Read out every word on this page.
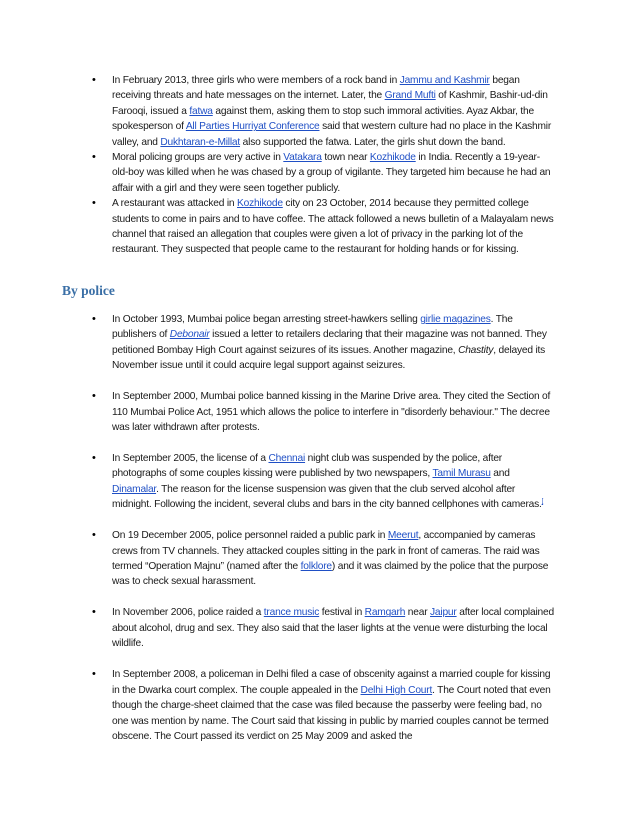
• In February 2013, three girls who were members of a rock band in Jammu and Kashmir began receiving threats and hate messages on the internet. Later, the Grand Mufti of Kashmir, Bashir-ud-din Farooqi, issued a fatwa against them, asking them to stop such immoral activities. Ayaz Akbar, the spokesperson of All Parties Hurriyat Conference said that western culture had no place in the Kashmir valley, and Dukhtaran-e-Millat also supported the fatwa. Later, the girls shut down the band.
• Moral policing groups are very active in Vatakara town near Kozhikode in India. Recently a 19-year-old-boy was killed when he was chased by a group of vigilante. They targeted him because he had an affair with a girl and they were seen together publicly.
• A restaurant was attacked in Kozhikode city on 23 October, 2014 because they permitted college students to come in pairs and to have coffee. The attack followed a news bulletin of a Malayalam news channel that raised an allegation that couples were given a lot of privacy in the parking lot of the restaurant. They suspected that people came to the restaurant for holding hands or for kissing.
By police
• In October 1993, Mumbai police began arresting street-hawkers selling girlie magazines. The publishers of Debonair issued a letter to retailers declaring that their magazine was not banned. They petitioned Bombay High Court against seizures of its issues. Another magazine, Chastity, delayed its November issue until it could acquire legal support against seizures.
• In September 2000, Mumbai police banned kissing in the Marine Drive area. They cited the Section of 110 Mumbai Police Act, 1951 which allows the police to interfere in "disorderly behaviour." The decree was later withdrawn after protests.
• In September 2005, the license of a Chennai night club was suspended by the police, after photographs of some couples kissing were published by two newspapers, Tamil Murasu and Dinamalar. The reason for the license suspension was given that the club served alcohol after midnight. Following the incident, several clubs and bars in the city banned cellphones with cameras.[
• On 19 December 2005, police personnel raided a public park in Meerut, accompanied by cameras crews from TV channels. They attacked couples sitting in the park in front of cameras. The raid was termed “Operation Majnu” (named after the folklore) and it was claimed by the police that the purpose was to check sexual harassment.
• In November 2006, police raided a trance music festival in Ramgarh near Jaipur after local complained about alcohol, drug and sex. They also said that the laser lights at the venue were disturbing the local wildlife.
• In September 2008, a policeman in Delhi filed a case of obscenity against a married couple for kissing in the Dwarka court complex. The couple appealed in the Delhi High Court. The Court noted that even though the charge-sheet claimed that the case was filed because the passerby were feeling bad, no one was mention by name. The Court said that kissing in public by married couples cannot be termed obscene. The Court passed its verdict on 25 May 2009 and asked the
